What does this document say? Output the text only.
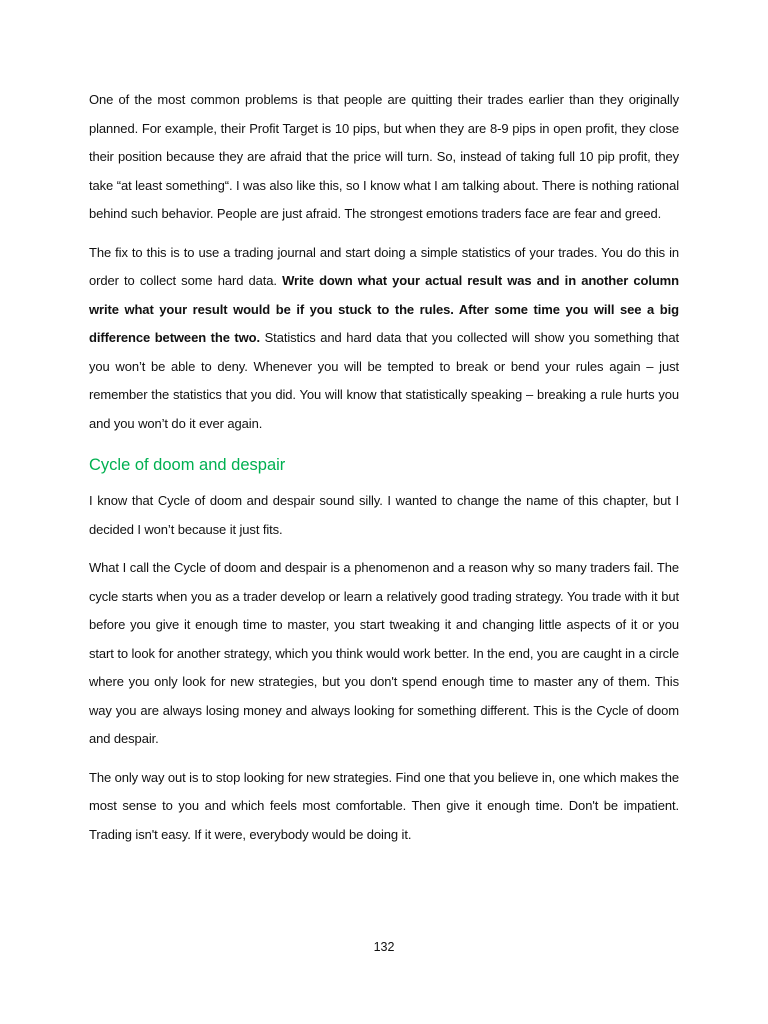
One of the most common problems is that people are quitting their trades earlier than they originally planned. For example, their Profit Target is 10 pips, but when they are 8-9 pips in open profit, they close their position because they are afraid that the price will turn. So, instead of taking full 10 pip profit, they take “at least something“. I was also like this, so I know what I am talking about. There is nothing rational behind such behavior. People are just afraid. The strongest emotions traders face are fear and greed.

The fix to this is to use a trading journal and start doing a simple statistics of your trades. You do this in order to collect some hard data. Write down what your actual result was and in another column write what your result would be if you stuck to the rules. After some time you will see a big difference between the two. Statistics and hard data that you collected will show you something that you won’t be able to deny. Whenever you will be tempted to break or bend your rules again – just remember the statistics that you did. You will know that statistically speaking – breaking a rule hurts you and you won’t do it ever again.

Cycle of doom and despair

I know that Cycle of doom and despair sound silly. I wanted to change the name of this chapter, but I decided I won’t because it just fits.

What I call the Cycle of doom and despair is a phenomenon and a reason why so many traders fail. The cycle starts when you as a trader develop or learn a relatively good trading strategy. You trade with it but before you give it enough time to master, you start tweaking it and changing little aspects of it or you start to look for another strategy, which you think would work better. In the end, you are caught in a circle where you only look for new strategies, but you don't spend enough time to master any of them. This way you are always losing money and always looking for something different. This is the Cycle of doom and despair.

The only way out is to stop looking for new strategies. Find one that you believe in, one which makes the most sense to you and which feels most comfortable. Then give it enough time. Don't be impatient. Trading isn't easy. If it were, everybody would be doing it.

132
